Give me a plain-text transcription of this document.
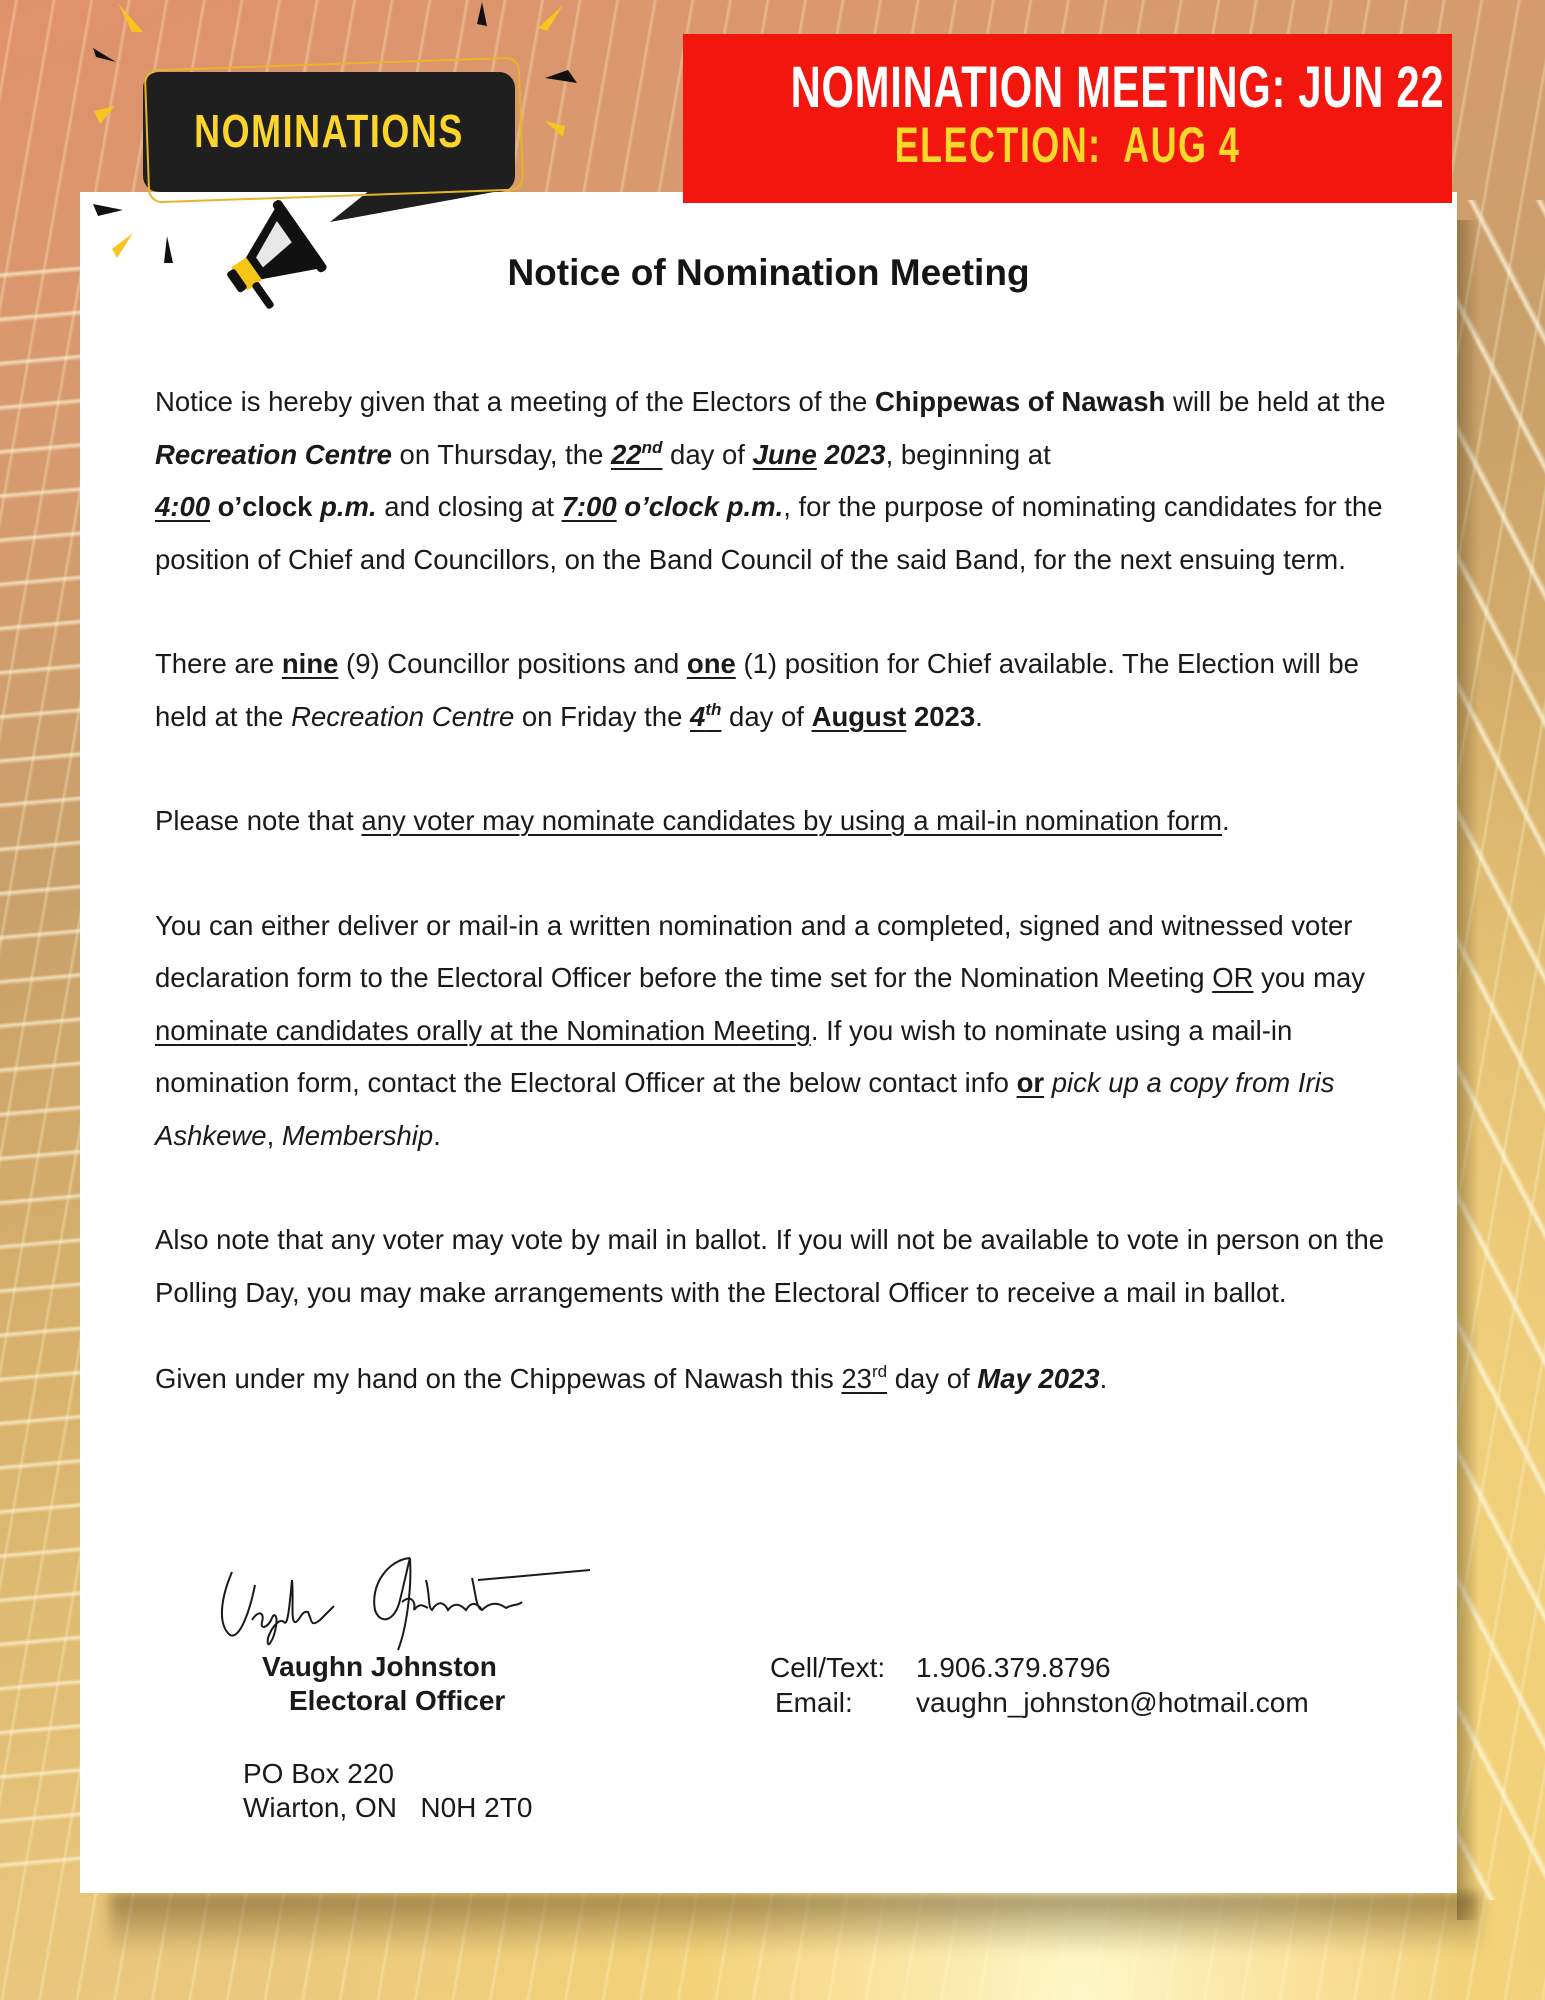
NOMINATIONS
NOMINATION MEETING: JUN 22
ELECTION:  AUG 4
Notice of Nomination Meeting

Notice is hereby given that a meeting of the Electors of the Chippewas of Nawash will be held at the Recreation Centre on Thursday, the 22nd day of June 2023, beginning at
4:00 o’clock p.m. and closing at 7:00 o’clock p.m., for the purpose of nominating candidates for the position of Chief and Councillors, on the Band Council of the said Band, for the next ensuing term.

There are nine (9) Councillor positions and one (1) position for Chief available. The Election will be held at the Recreation Centre on Friday the 4th day of August 2023.

Please note that any voter may nominate candidates by using a mail-in nomination form.

You can either deliver or mail-in a written nomination and a completed, signed and witnessed voter declaration form to the Electoral Officer before the time set for the Nomination Meeting OR you may nominate candidates orally at the Nomination Meeting. If you wish to nominate using a mail-in nomination form, contact the Electoral Officer at the below contact info or pick up a copy from Iris Ashkewe, Membership.

Also note that any voter may vote by mail in ballot. If you will not be available to vote in person on the Polling Day, you may make arrangements with the Electoral Officer to receive a mail in ballot.

Given under my hand on the Chippewas of Nawash this 23rd day of May 2023.

Vaughn Johnston
Electoral Officer
PO Box 220
Wiarton, ON   N0H 2T0
Cell/Text:	1.906.379.8796
Email:	vaughn_johnston@hotmail.com
